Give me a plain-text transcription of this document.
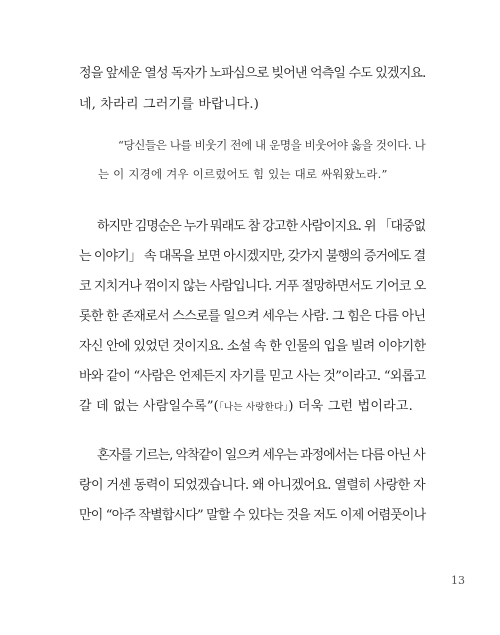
정을 앞세운 열성 독자가 노파심으로 빚어낸 억측일 수도 있겠지요.
네, 차라리 그러기를 바랍니다.)
“당신들은 나를 비웃기 전에 내 운명을 비웃어야 옳을 것이다. 나
는 이 지경에 겨우 이르렀어도 힘 있는 대로 싸워왔노라.”
하지만 김명순은 누가 뭐래도 참 강고한 사람이지요. 위 「대중없
는 이야기」 속 대목을 보면 아시겠지만, 갖가지 불행의 증거에도 결
코 지치거나 꺾이지 않는 사람입니다. 거푸 절망하면서도 기어코 오
롯한 한 존재로서 스스로를 일으켜 세우는 사람. 그 힘은 다름 아닌
자신 안에 있었던 것이지요. 소설 속 한 인물의 입을 빌려 이야기한
바와 같이 “사람은 언제든지 자기를 믿고 사는 것”이라고. “외롭고
갈 데 없는 사람일수록”(「나는 사랑한다」) 더욱 그런 법이라고.
혼자를 기르는, 악착같이 일으켜 세우는 과정에서는 다름 아닌 사
랑이 거센 동력이 되었겠습니다. 왜 아니겠어요. 열렬히 사랑한 자
만이 “아주 작별합시다” 말할 수 있다는 것을 저도 이제 어렴풋이나
13
